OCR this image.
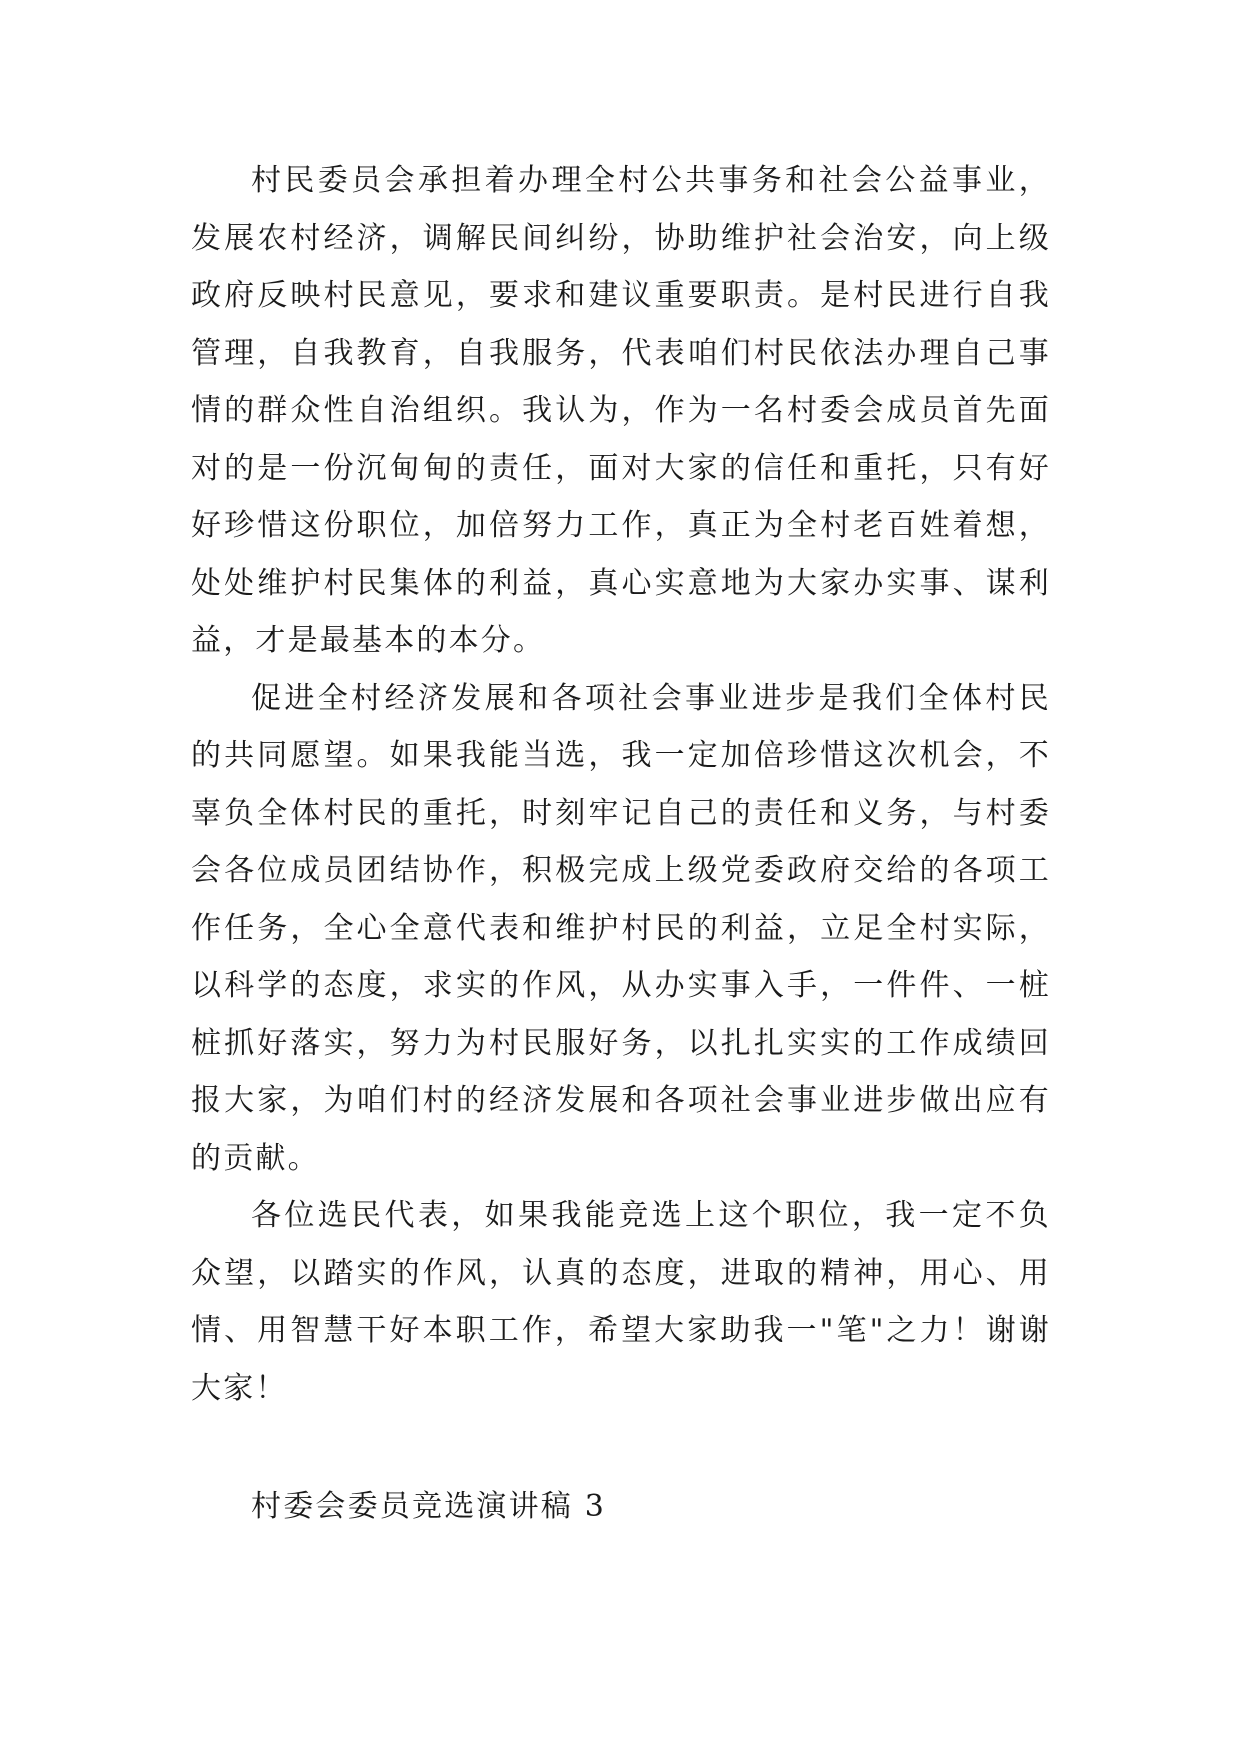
村民委员会承担着办理全村公共事务和社会公益事业，发展农村经济，调解民间纠纷，协助维护社会治安，向上级政府反映村民意见，要求和建议重要职责。是村民进行自我管理，自我教育，自我服务，代表咱们村民依法办理自己事情的群众性自治组织。我认为，作为一名村委会成员首先面对的是一份沉甸甸的责任，面对大家的信任和重托，只有好好珍惜这份职位，加倍努力工作，真正为全村老百姓着想，处处维护村民集体的利益，真心实意地为大家办实事、谋利益，才是最基本的本分。

促进全村经济发展和各项社会事业进步是我们全体村民的共同愿望。如果我能当选，我一定加倍珍惜这次机会，不辜负全体村民的重托，时刻牢记自己的责任和义务，与村委会各位成员团结协作，积极完成上级党委政府交给的各项工作任务，全心全意代表和维护村民的利益，立足全村实际，以科学的态度，求实的作风，从办实事入手，一件件、一桩桩抓好落实，努力为村民服好务，以扎扎实实的工作成绩回报大家，为咱们村的经济发展和各项社会事业进步做出应有的贡献。

各位选民代表，如果我能竞选上这个职位，我一定不负众望，以踏实的作风，认真的态度，进取的精神，用心、用情、用智慧干好本职工作，希望大家助我一"笔"之力！谢谢大家！

村委会委员竞选演讲稿 3
